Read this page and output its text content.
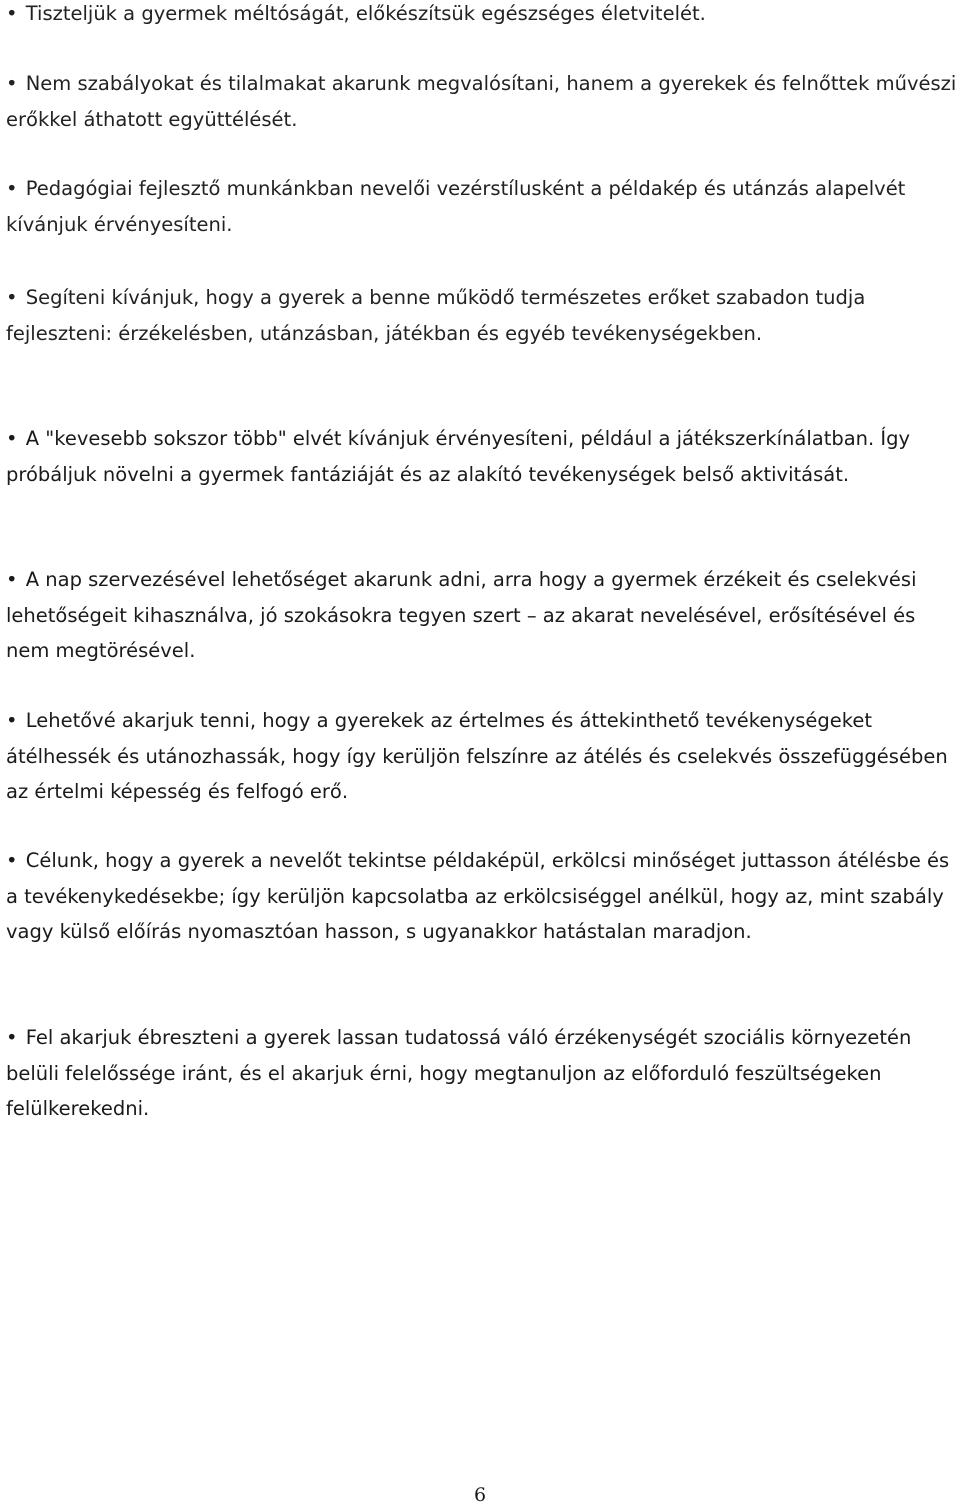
• Tiszteljük a gyermek méltóságát, előkészítsük egészséges életvitelét.

• Nem szabályokat és tilalmakat akarunk megvalósítani, hanem a gyerekek és felnőttek művészi erőkkel áthatott együttélését.

• Pedagógiai fejlesztő munkánkban nevelői vezérstílusként a példakép és utánzás alapelvét kívánjuk érvényesíteni.

• Segíteni kívánjuk, hogy a gyerek a benne működő természetes erőket szabadon tudja fejleszteni: érzékelésben, utánzásban, játékban és egyéb tevékenységekben.

• A "kevesebb sokszor több" elvét kívánjuk érvényesíteni, például a játékszerkínálatban. Így próbáljuk növelni a gyermek fantáziáját és az alakító tevékenységek belső aktivitását.

• A nap szervezésével lehetőséget akarunk adni, arra hogy a gyermek érzékeit és cselekvési lehetőségeit kihasználva, jó szokásokra tegyen szert – az akarat nevelésével, erősítésével és nem megtörésével.

• Lehetővé akarjuk tenni, hogy a gyerekek az értelmes és áttekinthető tevékenységeket átélhessék és utánozhassák, hogy így kerüljön felszínre az átélés és cselekvés összefüggésében az értelmi képesség és felfogó erő.

• Célunk, hogy a gyerek a nevelőt tekintse példaképül, erkölcsi minőséget juttasson átélésbe és a tevékenykedésekbe; így kerüljön kapcsolatba az erkölcsiséggel anélkül, hogy az, mint szabály vagy külső előírás nyomasztóan hasson, s ugyanakkor hatástalan maradjon.

• Fel akarjuk ébreszteni a gyerek lassan tudatossá váló érzékenységét szociális környezetén belüli felelőssége iránt, és el akarjuk érni, hogy megtanuljon az előforduló feszültségeken felülkerekedni.

6
